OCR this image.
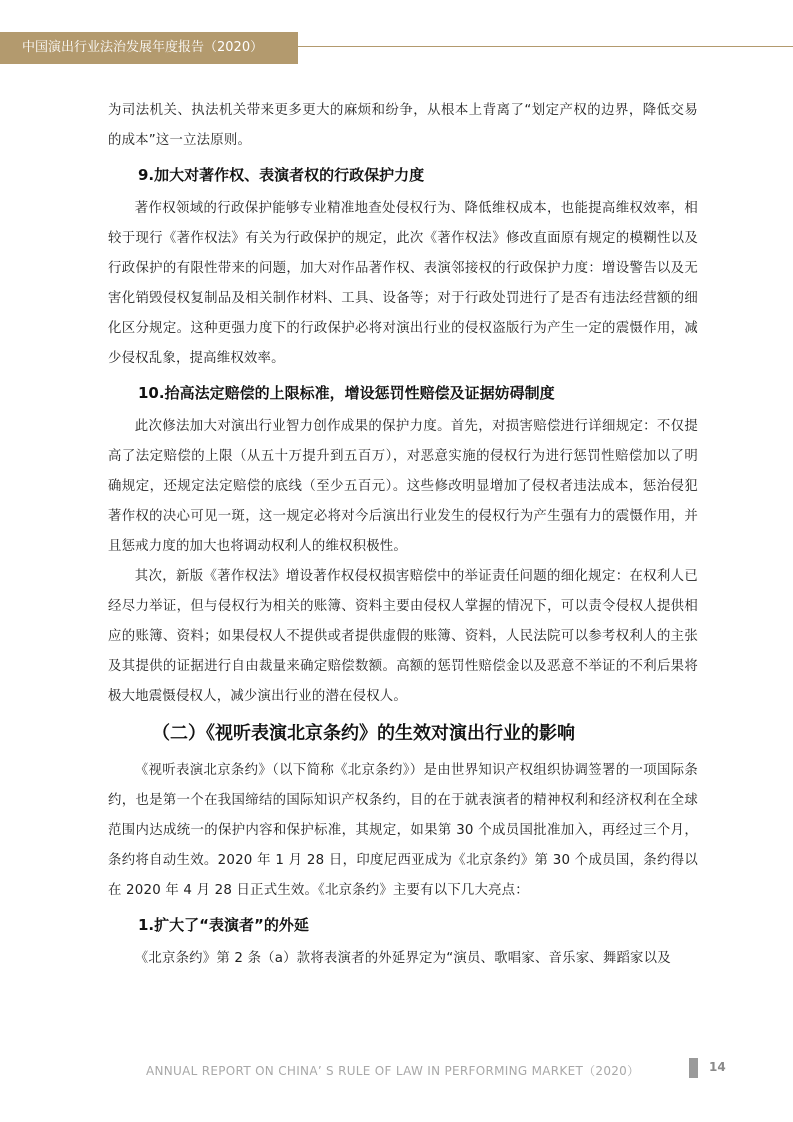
中国演出行业法治发展年度报告（2020）

为司法机关、执法机关带来更多更大的麻烦和纷争，从根本上背离了“划定产权的边界，降低交易的成本”这一立法原则。

9.加大对著作权、表演者权的行政保护力度

著作权领域的行政保护能够专业精准地查处侵权行为、降低维权成本，也能提高维权效率，相较于现行《著作权法》有关为行政保护的规定，此次《著作权法》修改直面原有规定的模糊性以及行政保护的有限性带来的问题，加大对作品著作权、表演邻接权的行政保护力度：增设警告以及无害化销毁侵权复制品及相关制作材料、工具、设备等；对于行政处罚进行了是否有违法经营额的细化区分规定。这种更强力度下的行政保护必将对演出行业的侵权盗版行为产生一定的震慑作用，减少侵权乱象，提高维权效率。

10.抬高法定赔偿的上限标准，增设惩罚性赔偿及证据妨碍制度

此次修法加大对演出行业智力创作成果的保护力度。首先，对损害赔偿进行详细规定：不仅提高了法定赔偿的上限（从五十万提升到五百万），对恶意实施的侵权行为进行惩罚性赔偿加以了明确规定，还规定法定赔偿的底线（至少五百元）。这些修改明显增加了侵权者违法成本，惩治侵犯著作权的决心可见一斑，这一规定必将对今后演出行业发生的侵权行为产生强有力的震慑作用，并且惩戒力度的加大也将调动权利人的维权积极性。

其次，新版《著作权法》增设著作权侵权损害赔偿中的举证责任问题的细化规定：在权利人已经尽力举证，但与侵权行为相关的账簿、资料主要由侵权人掌握的情况下，可以责令侵权人提供相应的账簿、资料；如果侵权人不提供或者提供虚假的账簿、资料，人民法院可以参考权利人的主张及其提供的证据进行自由裁量来确定赔偿数额。高额的惩罚性赔偿金以及恶意不举证的不利后果将极大地震慑侵权人，减少演出行业的潜在侵权人。

（二）《视听表演北京条约》的生效对演出行业的影响

《视听表演北京条约》（以下简称《北京条约》）是由世界知识产权组织协调签署的一项国际条约，也是第一个在我国缔结的国际知识产权条约，目的在于就表演者的精神权利和经济权利在全球范围内达成统一的保护内容和保护标准，其规定，如果第 30 个成员国批准加入，再经过三个月，条约将自动生效。2020 年 1 月 28 日，印度尼西亚成为《北京条约》第 30 个成员国，条约得以在 2020 年 4 月 28 日正式生效。《北京条约》主要有以下几大亮点：

1.扩大了“表演者”的外延

《北京条约》第 2 条（a）款将表演者的外延界定为“演员、歌唱家、音乐家、舞蹈家以及

ANNUAL REPORT ON CHINA’ S RULE OF LAW IN PERFORMING MARKET（2020）	14
